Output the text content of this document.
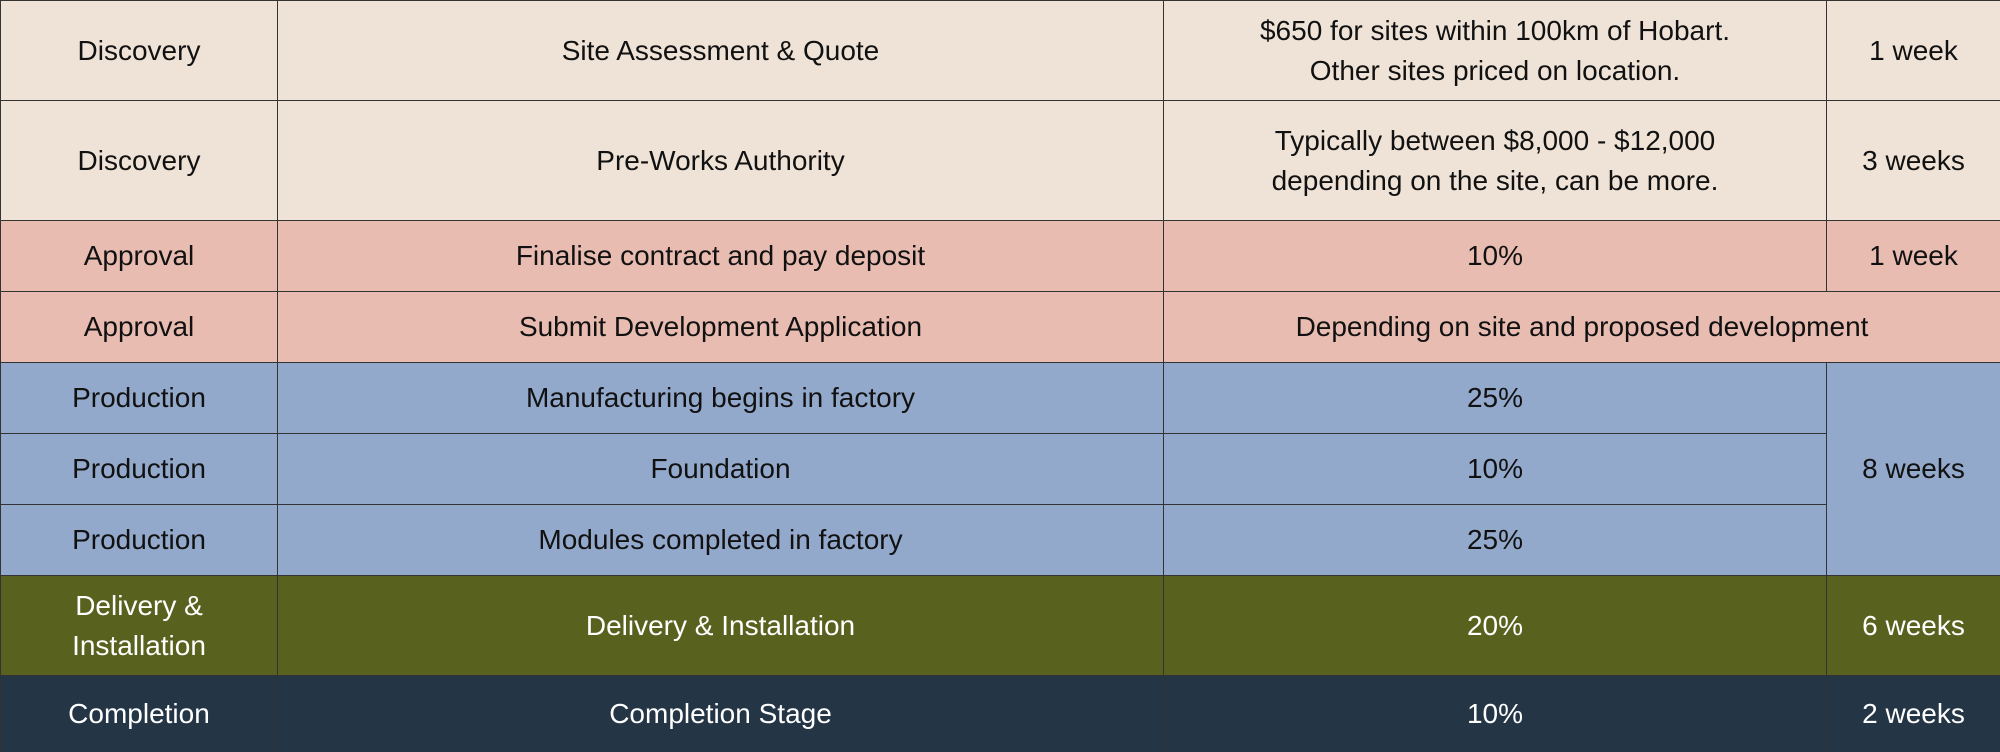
Discovery	Site Assessment & Quote	$650 for sites within 100km of Hobart.
Other sites priced on location.	1 week
Discovery	Pre-Works Authority	Typically between $8,000 - $12,000
depending on the site, can be more.	3 weeks
Approval	Finalise contract and pay deposit	10%	1 week
Approval	Submit Development Application	Depending on site and proposed development	
Production	Manufacturing begins in factory	25%	8 weeks
Production	Foundation	10%	
Production	Modules completed in factory	25%	
Delivery &
Installation	Delivery & Installation	20%	6 weeks
Completion	Completion Stage	10%	2 weeks
